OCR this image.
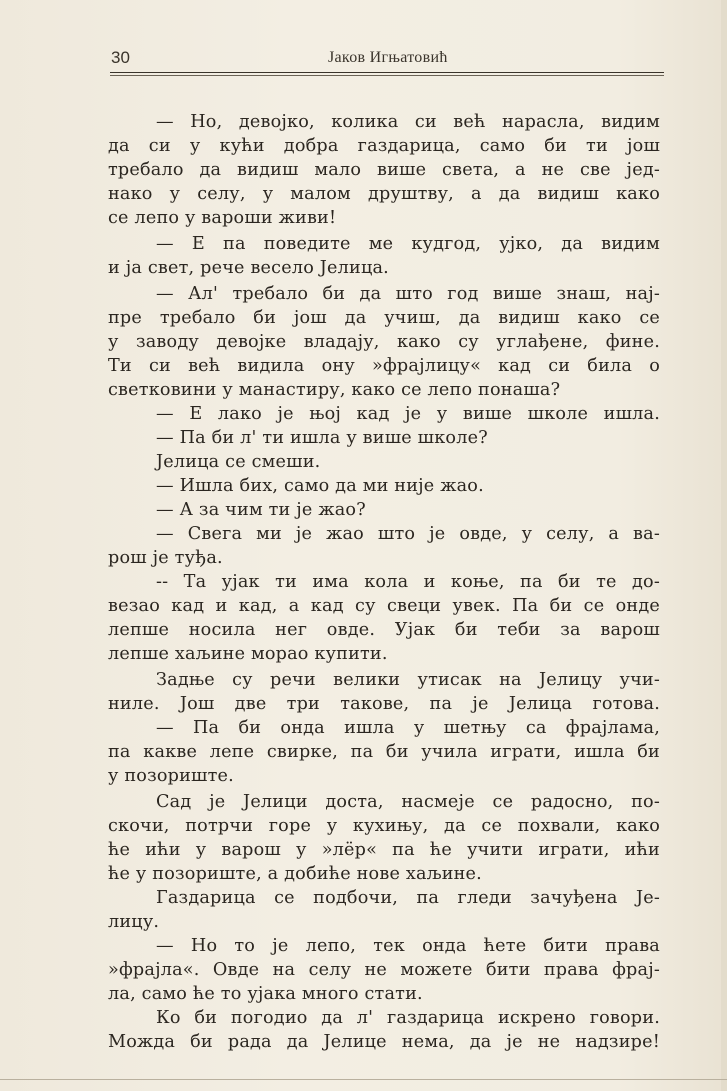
30	Јаков Игњатовић
— Но, девојко, колика си већ нарасла, видим
да си у кући добра газдарица, само би ти још
требало да видиш мало више света, а не све јед-
нако у селу, у малом друштву, а да видиш како
се лепо у вароши живи!
— Е па поведите ме кудгод, ујко, да видим
и ја свет, рече весело Јелица.
— Ал' требало би да што год више знаш, нај-
пре требало би још да учиш, да видиш како се
у заводу девојке владају, како су углађене, фине.
Ти си већ видила ону »фрајлицу« кад си била о
светковини у манастиру, како се лепо понаша?
— Е лако је њој кад је у више школе ишла.
— Па би л' ти ишла у више школе?
Јелица се смеши.
— Ишла бих, само да ми није жао.
— А за чим ти је жао?
— Свега ми је жао што је овде, у селу, а ва-
рош је туђа.
-- Та ујак ти има кола и коње, па би те до-
везао кад и кад, а кад су свеци увек. Па би се онде
лепше носила нег овде. Ујак би теби за варош
лепше хаљине морао купити.
Задње су речи велики утисак на Јелицу учи-
ниле. Још две три такове, па је Јелица готова.
— Па би онда ишла у шетњу са фрајлама,
па какве лепе свирке, па би учила играти, ишла би
у позориште.
Сад је Јелици доста, насмеје се радосно, по-
скочи, потрчи горе у кухињу, да се похвали, како
ће ићи у варош у »лёр« па ће учити играти, ићи
ће у позориште, а добиће нове хаљине.
Газдарица се подбочи, па гледи зачуђена Је-
лицу.
— Но то је лепо, тек онда ћете бити права
»фрајла«. Овде на селу не можете бити права фрај-
ла, само ће то ујака много стати.
Ко би погодио да л' газдарица искрено говори.
Можда би рада да Јелице нема, да је не надзире!
